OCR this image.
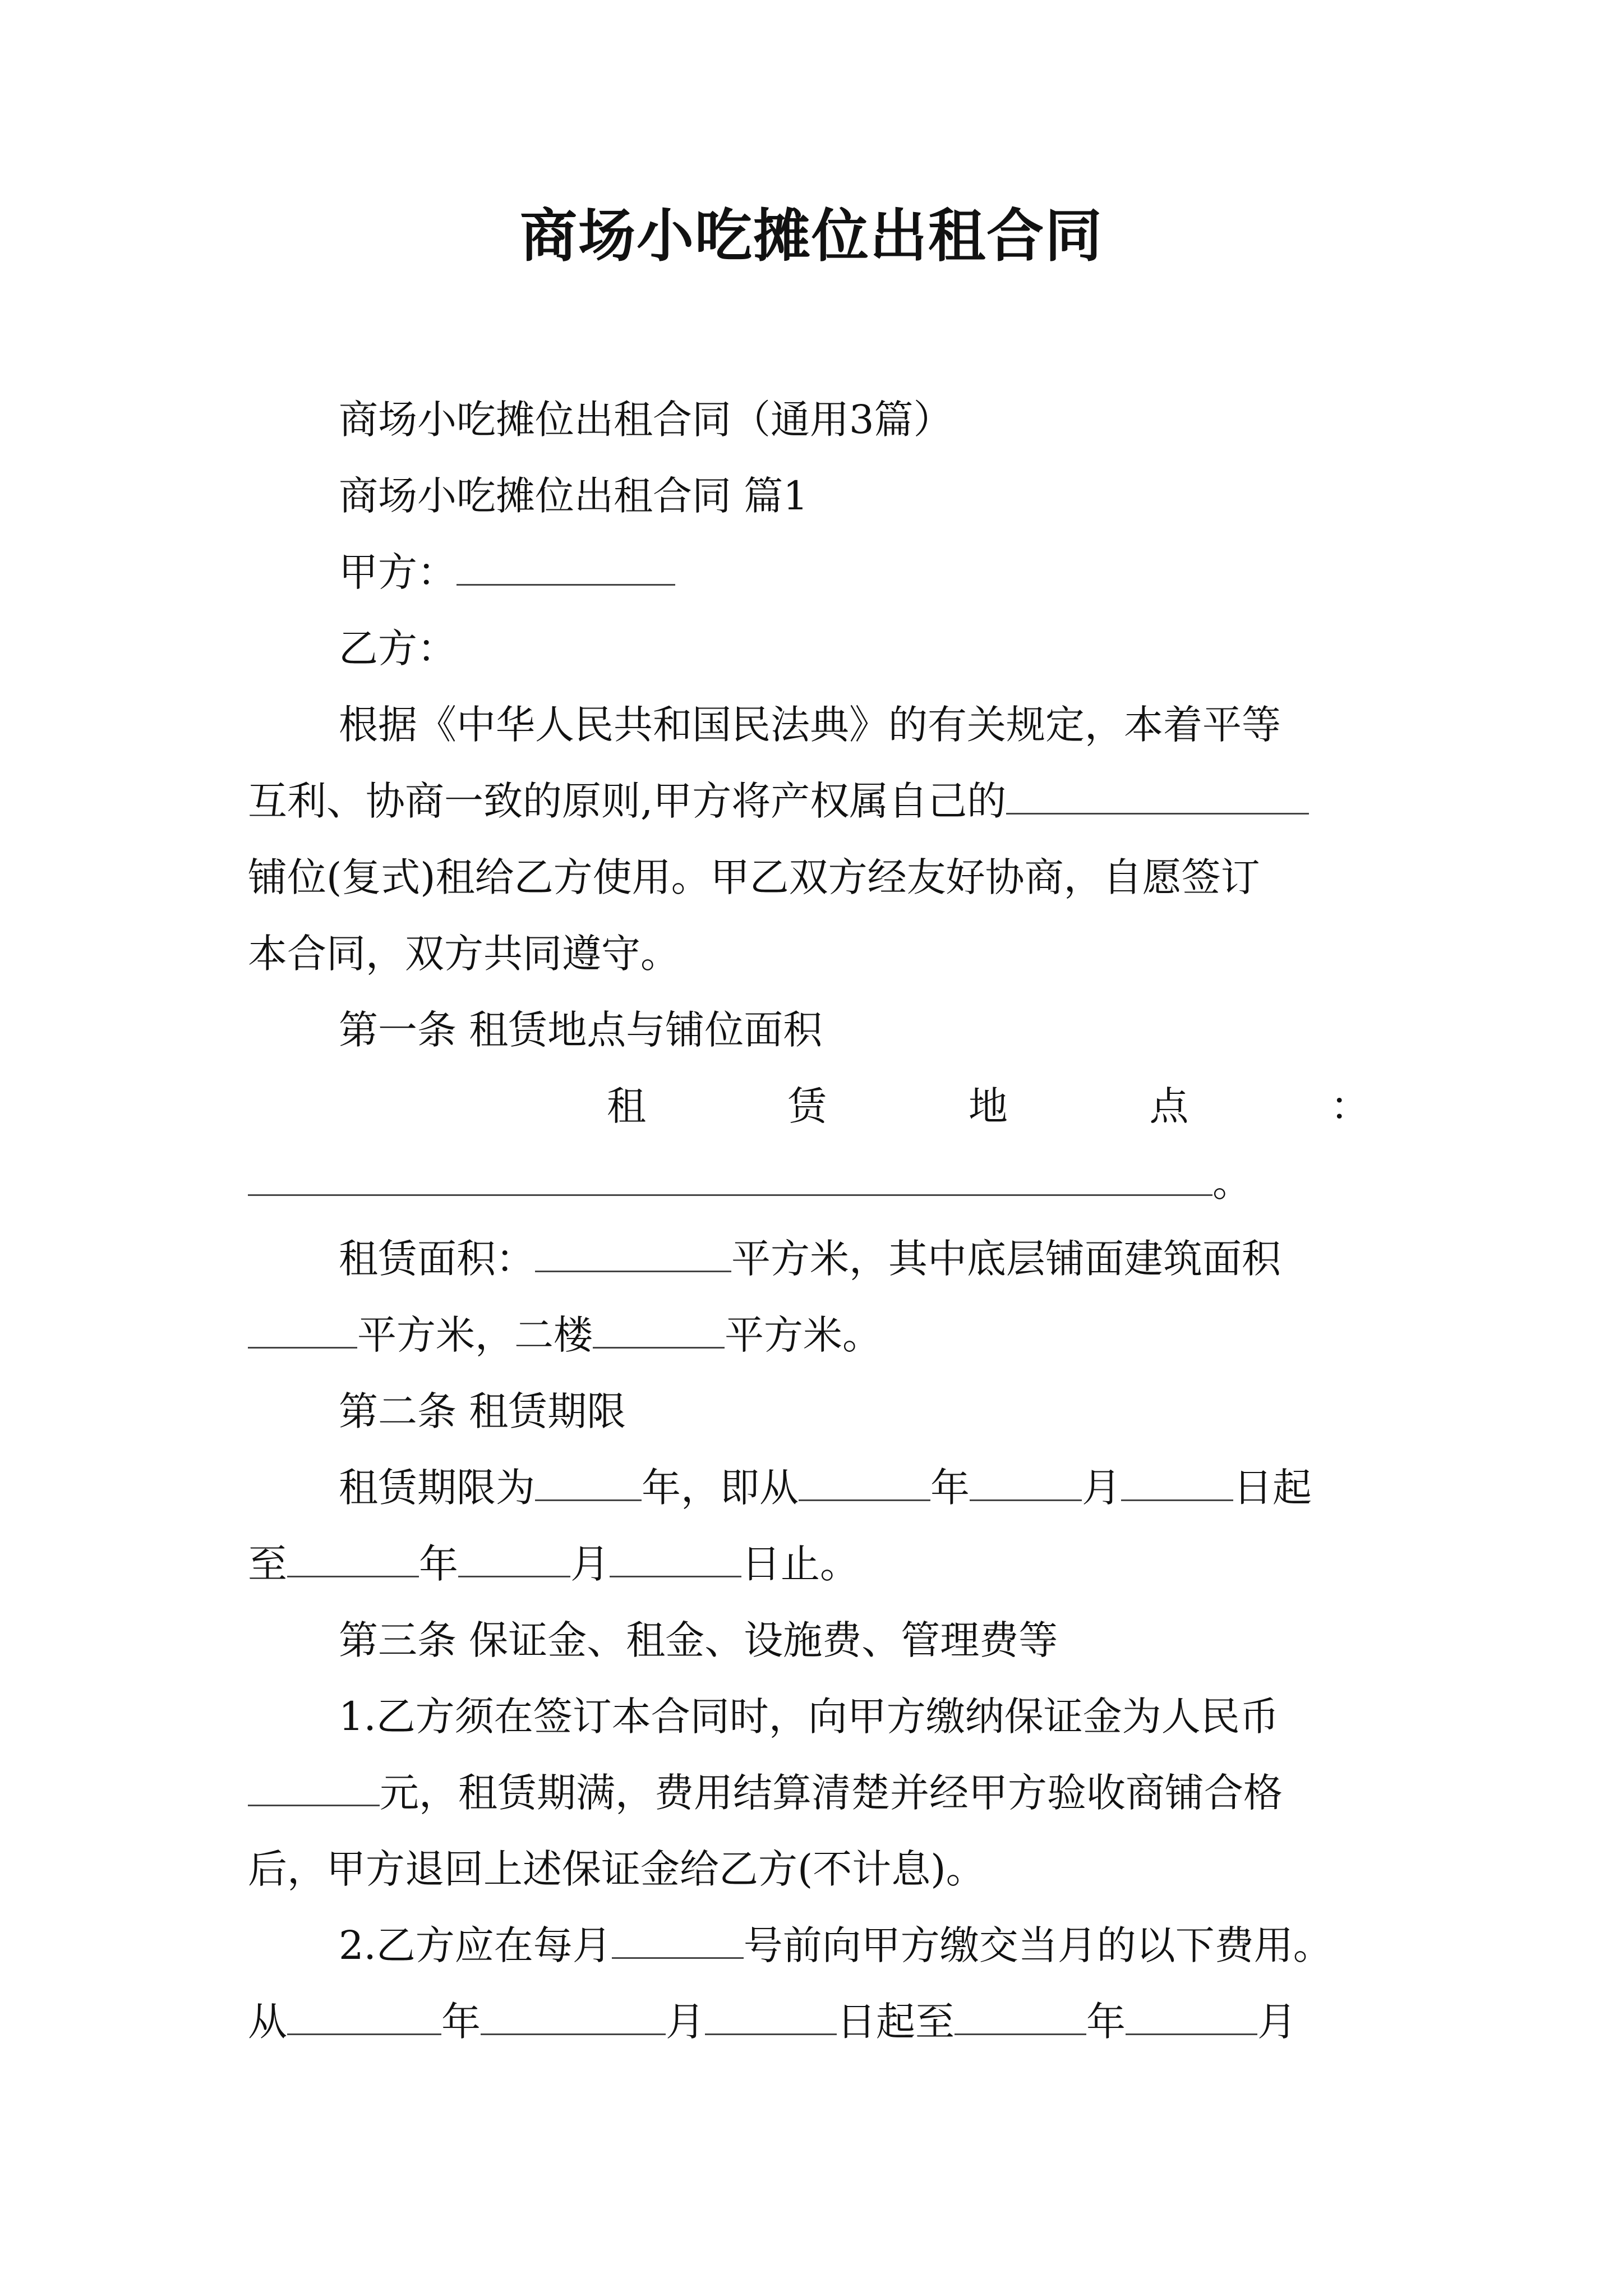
商场小吃摊位出租合同
商场小吃摊位出租合同（通用3篇）
商场小吃摊位出租合同 篇1
甲方：
乙方：
根据《中华人民共和国民法典》的有关规定，本着平等
互利、协商一致的原则,甲方将产权属自己的
铺位(复式)租给乙方使用。甲乙双方经友好协商，自愿签订
本合同，双方共同遵守。
第一条 租赁地点与铺位面积
租	赁	地	点	：
。
租赁面积：	平方米，其中底层铺面建筑面积
平方米，二楼	平方米。
第二条 租赁期限
租赁期限为	年，即从	年	月	日起
至	年	月	日止。
第三条 保证金、租金、设施费、管理费等
1.乙方须在签订本合同时，向甲方缴纳保证金为人民币
元，租赁期满，费用结算清楚并经甲方验收商铺合格
后，甲方退回上述保证金给乙方(不计息)。
2.乙方应在每月	号前向甲方缴交当月的以下费用。
从	年	月	日起至	年	月
